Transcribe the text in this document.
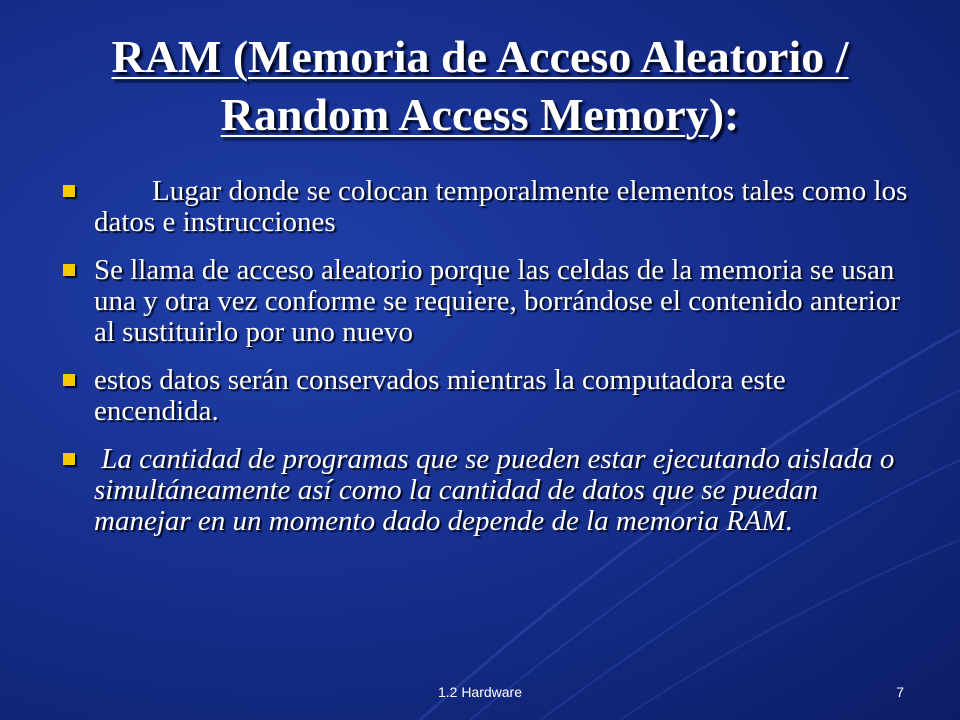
RAM (Memoria de Acceso Aleatorio / Random Access Memory):
Lugar donde se colocan temporalmente elementos tales como los datos e instrucciones
Se llama de acceso aleatorio porque las celdas de la memoria se usan una y otra vez conforme se requiere, borrándose el contenido anterior al sustituirlo por uno nuevo
estos datos serán conservados mientras la computadora este encendida.
La cantidad de programas que se pueden estar ejecutando aislada o simultáneamente así como la cantidad de datos que se puedan manejar en un momento dado depende de la memoria RAM.
1.2 Hardware	7
